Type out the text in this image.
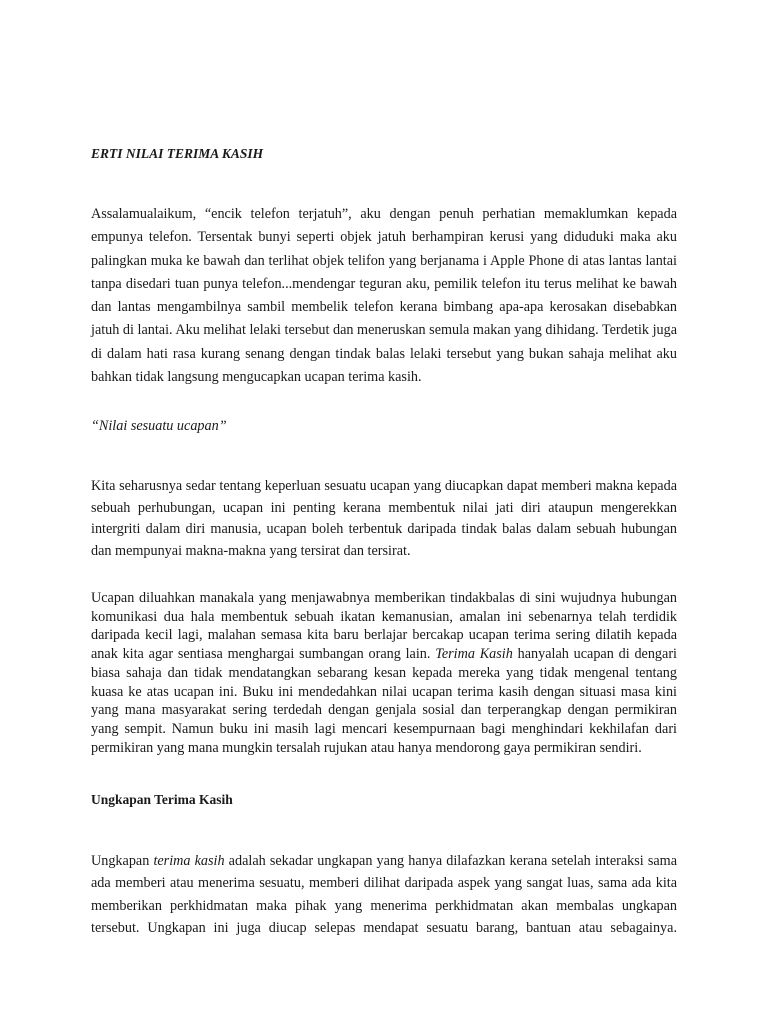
ERTI NILAI TERIMA KASIH

Assalamualaikum, “encik telefon terjatuh”, aku dengan penuh perhatian memaklumkan kepada empunya telefon. Tersentak bunyi seperti objek jatuh berhampiran kerusi yang diduduki maka aku palingkan muka ke bawah dan terlihat objek telifon yang berjanama i Apple Phone di atas lantas lantai tanpa disedari tuan punya telefon...mendengar teguran aku, pemilik telefon itu terus melihat ke bawah dan lantas mengambilnya sambil membelik telefon kerana bimbang apa-apa kerosakan disebabkan jatuh di lantai. Aku melihat lelaki tersebut dan meneruskan semula makan yang dihidang. Terdetik juga di dalam hati rasa kurang senang dengan tindak balas lelaki tersebut yang bukan sahaja melihat aku bahkan tidak langsung mengucapkan ucapan terima kasih.

“Nilai sesuatu ucapan”

Kita seharusnya sedar tentang keperluan sesuatu ucapan yang diucapkan dapat memberi makna kepada sebuah perhubungan, ucapan ini penting kerana membentuk nilai jati diri ataupun mengerekkan intergriti dalam diri manusia, ucapan boleh terbentuk daripada tindak balas dalam sebuah hubungan dan mempunyai makna-makna yang tersirat dan tersirat.

Ucapan diluahkan manakala yang menjawabnya memberikan tindakbalas di sini wujudnya hubungan komunikasi dua hala membentuk sebuah ikatan kemanusian, amalan ini sebenarnya telah terdidik daripada kecil lagi, malahan semasa kita baru berlajar bercakap ucapan terima sering dilatih kepada anak kita agar sentiasa menghargai sumbangan orang lain. Terima Kasih hanyalah ucapan di dengari biasa sahaja dan tidak mendatangkan sebarang kesan kepada mereka yang tidak mengenal tentang kuasa ke atas ucapan ini. Buku ini mendedahkan nilai ucapan terima kasih dengan situasi masa kini yang mana masyarakat sering terdedah dengan genjala sosial dan terperangkap dengan permikiran yang sempit. Namun buku ini masih lagi mencari kesempurnaan bagi menghindari kekhilafan dari permikiran yang mana mungkin tersalah rujukan atau hanya mendorong gaya permikiran sendiri.

Ungkapan Terima Kasih

Ungkapan terima kasih adalah sekadar ungkapan yang hanya dilafazkan kerana setelah interaksi sama ada memberi atau menerima sesuatu, memberi dilihat daripada aspek yang sangat luas, sama ada kita memberikan perkhidmatan maka pihak yang menerima perkhidmatan akan membalas ungkapan tersebut. Ungkapan ini juga diucap selepas mendapat sesuatu barang, bantuan atau sebagainya.
